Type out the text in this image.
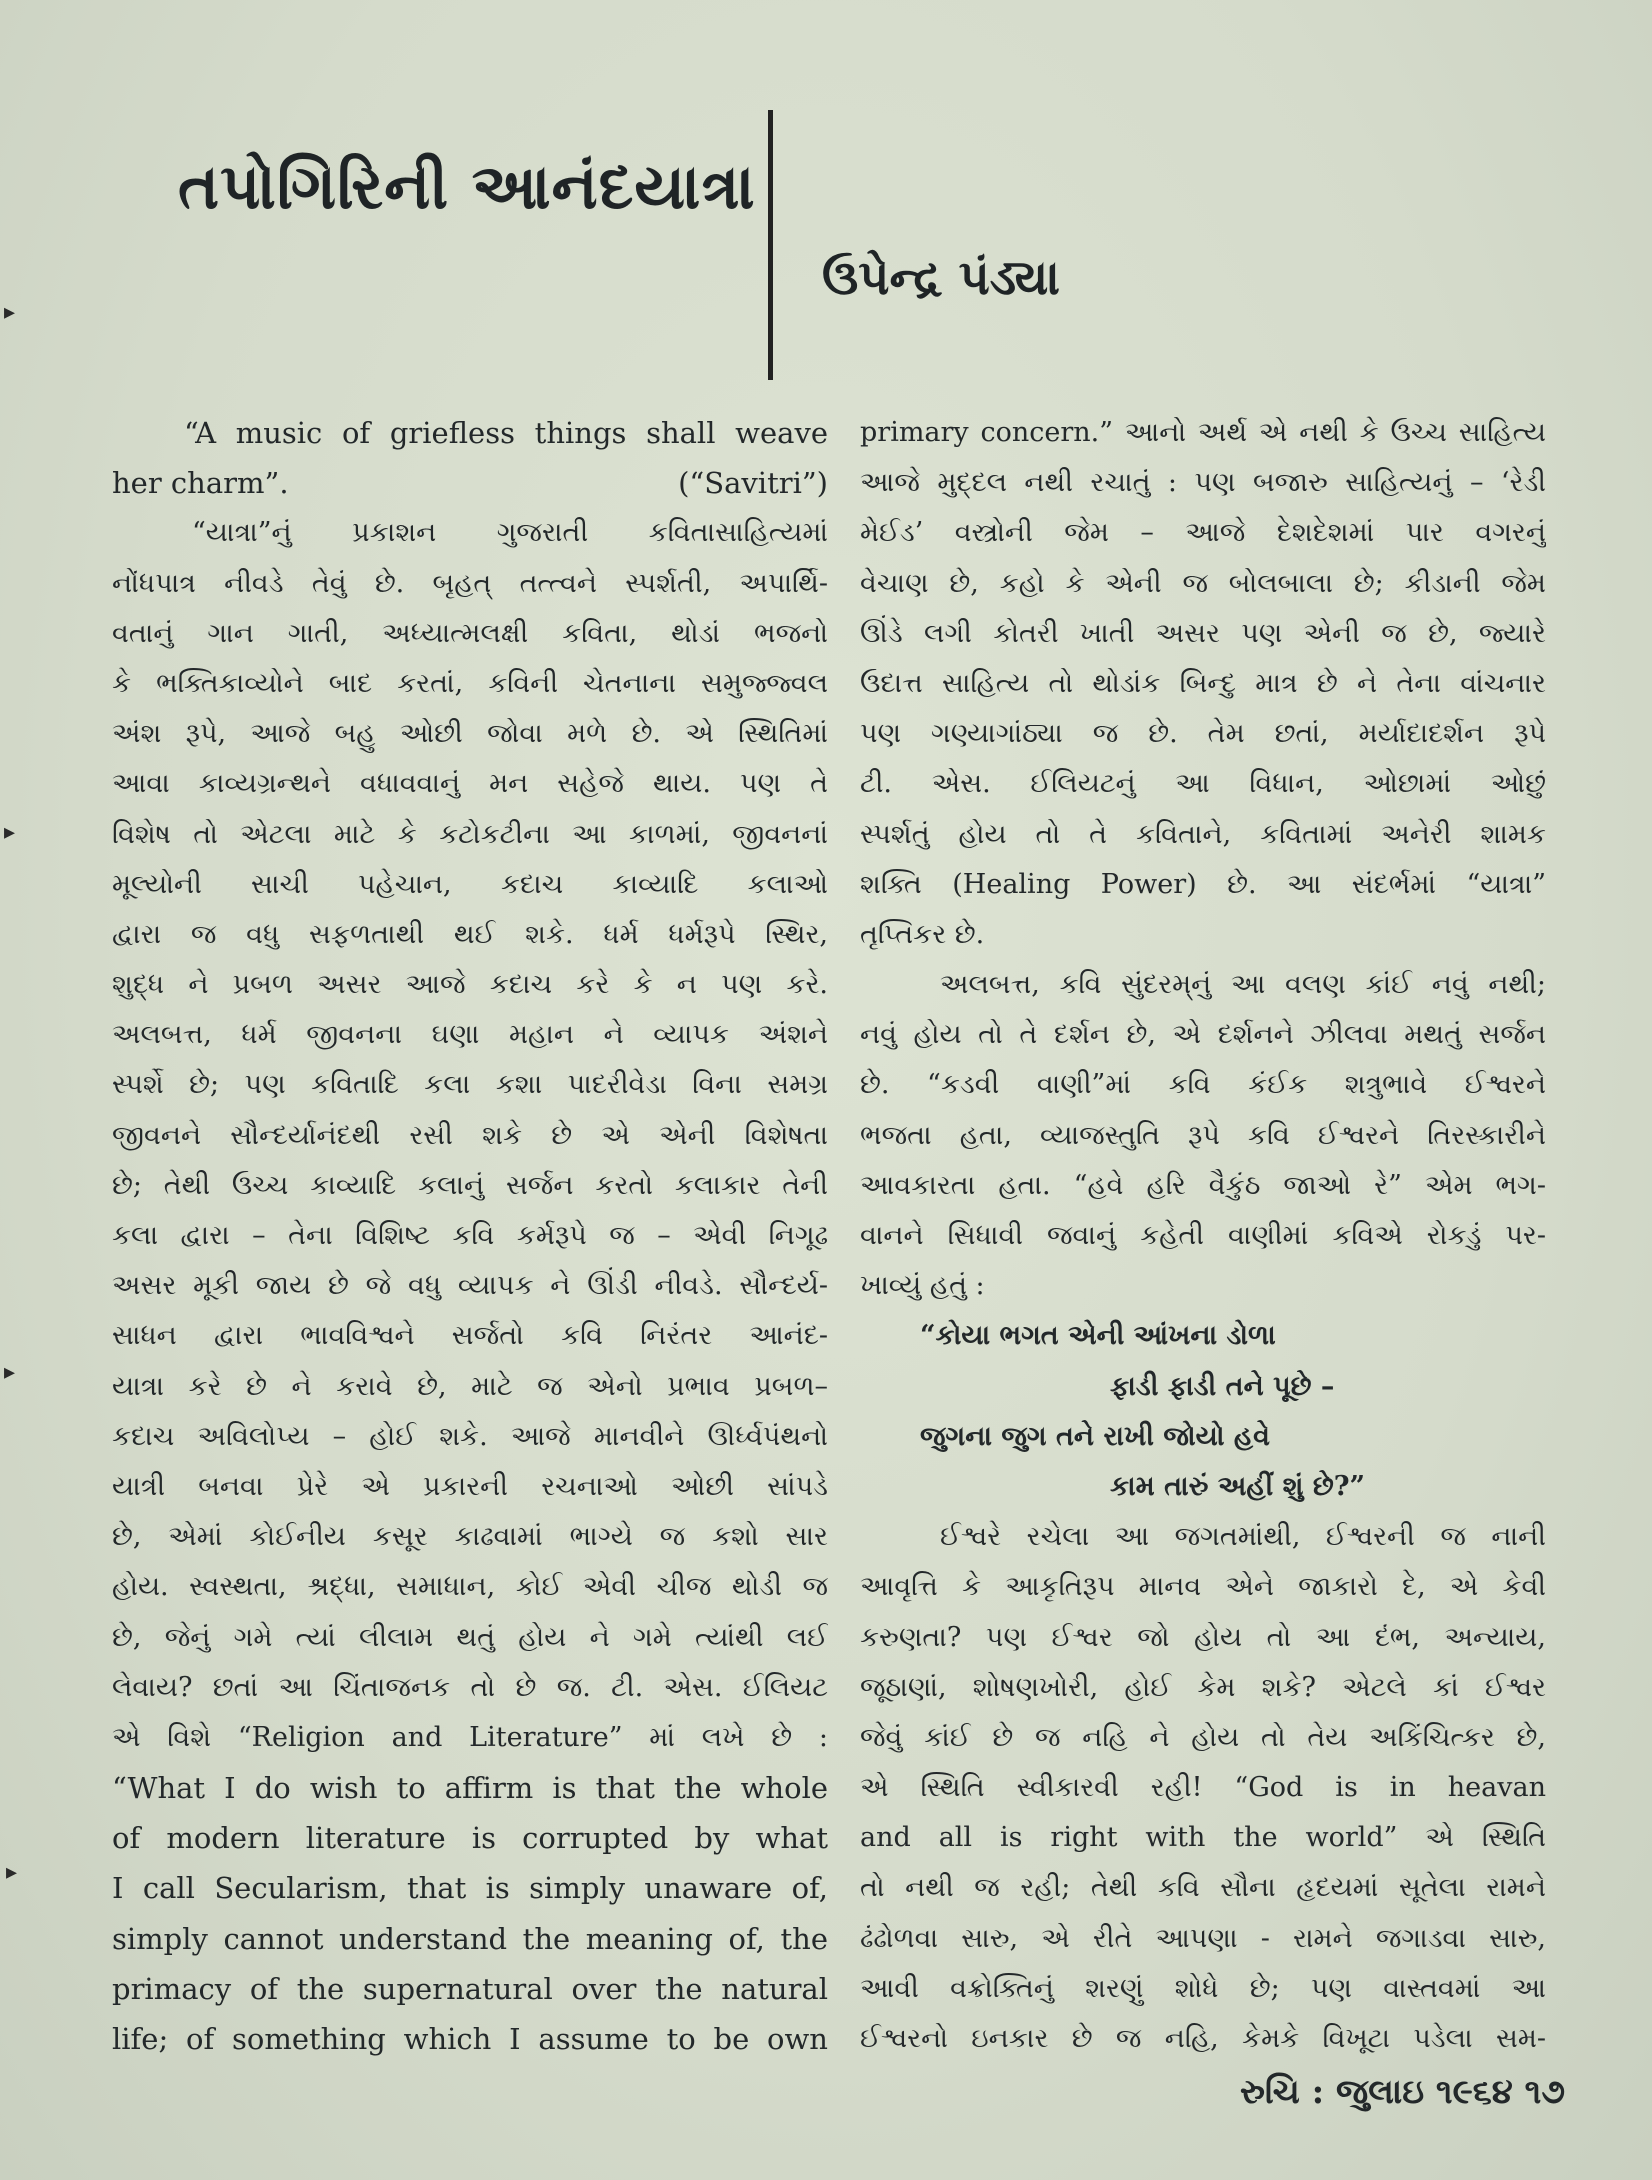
તપોગિરિની આનંદયાત્રા
ઉપેન્દ્ર પંડ્યા
“A music of griefless things shall weave
her charm”.	(“Savitri”)
“યાત્રા”નું પ્રકાશન ગુજરાતી કવિતાસાહિત્યમાં
નોંધપાત્ર નીવડે તેવું છે. બૃહત્ તત્ત્વને સ્પર્શતી, અપાર્થિ-
વતાનું ગાન ગાતી, અધ્યાત્મલક્ષી કવિતા, થોડાં ભજનો
કે ભક્તિકાવ્યોને બાદ કરતાં, કવિની ચેતનાના સમુજ્જ્વલ
અંશ રૂપે, આજે બહુ ઓછી જોવા મળે છે. એ સ્થિતિમાં
આવા કાવ્યગ્રન્થને વધાવવાનું મન સહેજે થાય. પણ તે
વિશેષ તો એટલા માટે કે કટોકટીના આ કાળમાં, જીવનનાં
મૂલ્યોની સાચી પહેચાન, કદાચ કાવ્યાદિ કલાઓ
દ્વારા જ વધુ સફળતાથી થઈ શકે. ધર્મ ધર્મરૂપે સ્થિર,
શુદ્ધ ને પ્રબળ અસર આજે કદાચ કરે કે ન પણ કરે.
અલબત્ત, ધર્મ જીવનના ઘણા મહાન ને વ્યાપક અંશને
સ્પર્શે છે; પણ કવિતાદિ કલા કશા પાદરીવેડા વિના સમગ્ર
જીવનને સૌન્દર્યાનંદથી રસી શકે છે એ એની વિશેષતા
છે; તેથી ઉચ્ચ કાવ્યાદિ કલાનું સર્જન કરતો કલાકાર તેની
કલા દ્વારા – તેના વિશિષ્ટ કવિ કર્મરૂપે જ – એવી નિગૂઢ
અસર મૂકી જાય છે જે વધુ વ્યાપક ને ઊંડી નીવડે. સૌન્દર્ય-
સાધન દ્વારા ભાવવિશ્વને સર્જતો કવિ નિરંતર આનંદ-
યાત્રા કરે છે ને કરાવે છે, માટે જ એનો પ્રભાવ પ્રબળ–
કદાચ અવિલોપ્ય – હોઈ શકે. આજે માનવીને ઊર્ધ્વપંથનો
યાત્રી બનવા પ્રેરે એ પ્રકારની રચનાઓ ઓછી સાંપડે
છે, એમાં કોઈનીય કસૂર કાઢવામાં ભાગ્યે જ કશો સાર
હોય. સ્વસ્થતા, શ્રદ્ધા, સમાધાન, કોઈ એવી ચીજ થોડી જ
છે, જેનું ગમે ત્યાં લીલામ થતું હોય ને ગમે ત્યાંથી લઈ
લેવાય? છતાં આ ચિંતાજનક તો છે જ. ટી. એસ. ઈલિયટ
એ વિશે “Religion and Literature” માં લખે છે :
“What I do wish to affirm is that the whole
of modern literature is corrupted by what
I call Secularism, that is simply unaware of,
simply cannot understand the meaning of, the
primacy of the supernatural over the natural
life; of something which I assume to be own
primary concern.” આનો અર્થ એ નથી કે ઉચ્ચ સાહિત્ય
આજે મુદ્દલ નથી રચાતું : પણ બજારુ સાહિત્યનું – ‘રેડી
મેઈડ’ વસ્ત્રોની જેમ – આજે દેશદેશમાં પાર વગરનું
વેચાણ છે, કહો કે એની જ બોલબાલા છે; કીડાની જેમ
ઊંડે લગી કોતરી ખાતી અસર પણ એની જ છે, જ્યારે
ઉદાત્ત સાહિત્ય તો થોડાંક બિન્દુ માત્ર છે ને તેના વાંચનાર
પણ ગણ્યાગાંઠ્યા જ છે. તેમ છતાં, મર્યાદાદર્શન રૂપે
ટી. એસ. ઈલિયટનું આ વિધાન, ઓછામાં ઓછું
સ્પર્શતું હોય તો તે કવિતાને, કવિતામાં અનેરી શામક
શક્તિ (Healing Power) છે. આ સંદર્ભમાં “યાત્રા”
તૃપ્તિકર છે.
અલબત્ત, કવિ સુંદરમ્‌નું આ વલણ કાંઈ નવું નથી;
નવું હોય તો તે દર્શન છે, એ દર્શનને ઝીલવા મથતું સર્જન
છે. “કડવી વાણી”માં કવિ કંઈક શત્રુભાવે ઈશ્વરને
ભજતા હતા, વ્યાજસ્તુતિ રૂપે કવિ ઈશ્વરને તિરસ્કારીને
આવકારતા હતા. “હવે હરિ વૈકુંઠ જાઓ રે” એમ ભગ-
વાનને સિધાવી જવાનું કહેતી વાણીમાં કવિએ રોકડું પર-
ખાવ્યું હતું :
“કોયા ભગત એની આંખના ડોળા
ફાડી ફાડી તને પૂછે –
જુગના જુગ તને રાખી જોયો હવે
કામ તારું અહીં શું છે?”
ઈશ્વરે રચેલા આ જગતમાંથી, ઈશ્વરની જ નાની
આવૃત્તિ કે આકૃતિરૂપ માનવ એને જાકારો દે, એ કેવી
કરુણતા? પણ ઈશ્વર જો હોય તો આ દંભ, અન્યાય,
જૂઠાણાં, શોષણખોરી, હોઈ કેમ શકે? એટલે કાં ઈશ્વર
જેવું કાંઈ છે જ નહિ ને હોય તો તેય અકિંચિત્કર છે,
એ સ્થિતિ સ્વીકારવી રહી! “God is in heavan
and all is right with the world” એ સ્થિતિ
તો નથી જ રહી; તેથી કવિ સૌના હૃદયમાં સૂતેલા રામને
ઢંઢોળવા સારુ, એ રીતે આપણા - રામને જગાડવા સારુ,
આવી વક્રોક્તિનું શરણું શોધે છે; પણ વાસ્તવમાં આ
ઈશ્વરનો ઇનકાર છે જ નહિ, કેમકે વિખૂટા પડેલા સમ-
રુચિ : જુલાઇ ૧૯૬૪ ૧૭
▸
▸
▸
▸
